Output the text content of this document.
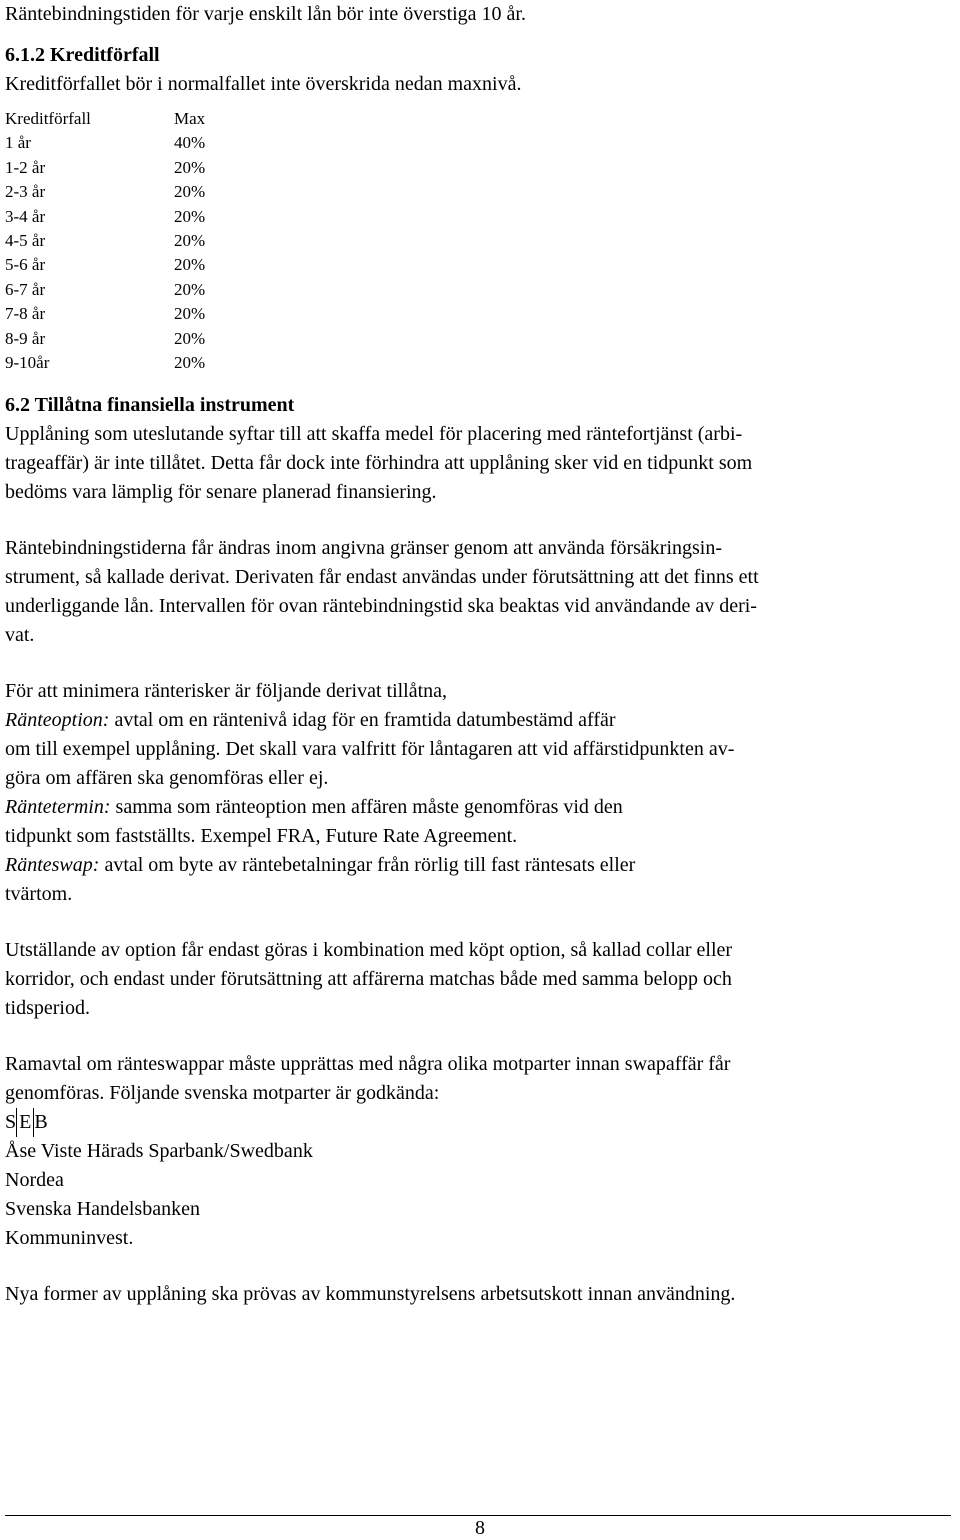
Räntebindningstiden för varje enskilt lån bör inte överstiga 10 år.

6.1.2 Kreditförfall

Kreditförfallet bör i normalfallet inte överskrida nedan maxnivå.

Kreditförfall	Max
1 år	40%
1-2 år	20%
2-3 år	20%
3-4 år	20%
4-5 år	20%
5-6 år	20%
6-7 år	20%
7-8 år	20%
8-9 år	20%
9-10år	20%
6.2 Tillåtna finansiella instrument

Upplåning som uteslutande syftar till att skaffa medel för placering med räntefortjänst (arbi-
trageaffär) är inte tillåtet. Detta får dock inte förhindra att upplåning sker vid en tidpunkt som
bedöms vara lämplig för senare planerad finansiering.

Räntebindningstiderna får ändras inom angivna gränser genom att använda försäkringsin-
strument, så kallade derivat. Derivaten får endast användas under förutsättning att det finns ett
underliggande lån. Intervallen för ovan räntebindningstid ska beaktas vid användande av deri-
vat.

För att minimera ränterisker är följande derivat tillåtna,
Ränteoption: avtal om en räntenivå idag för en framtida datumbestämd affär
om till exempel upplåning. Det skall vara valfritt för låntagaren att vid affärstidpunkten av-
göra om affären ska genomföras eller ej.
Räntetermin: samma som ränteoption men affären måste genomföras vid den
tidpunkt som fastställts. Exempel FRA, Future Rate Agreement.
Ränteswap: avtal om byte av räntebetalningar från rörlig till fast räntesats eller
tvärtom.

Utställande av option får endast göras i kombination med köpt option, så kallad collar eller
korridor, och endast under förutsättning att affärerna matchas både med samma belopp och
tidsperiod.

Ramavtal om ränteswappar måste upprättas med några olika motparter innan swapaffär får
genomföras. Följande svenska motparter är godkända:
S E B
Åse Viste Härads Sparbank/Swedbank
Nordea
Svenska Handelsbanken
Kommuninvest.

Nya former av upplåning ska prövas av kommunstyrelsens arbetsutskott innan användning.

8
